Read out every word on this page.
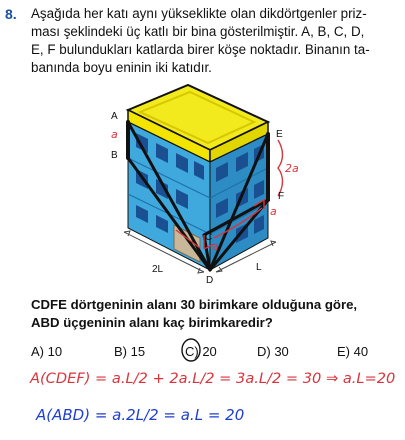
8. Aşağıda her katı aynı yükseklikte olan dikdörtgenler priz-
ması şeklindeki üç katlı bir bina gösterilmiştir. A, B, C, D,
E, F bulundukları katlarda birer köşe noktadır. Binanın ta-
banında boyu eninin iki katıdır.
A
B
C
D
E
F
2L	L
a
2a
a
a
CDFE dörtgeninin alanı 30 birimkare olduğuna göre,
ABD üçgeninin alanı kaç birimkaredir?
A) 10	B) 15	C) 20	D) 30	E) 40
A(CDEF) = a.L/2 + 2a.L/2 = 3a.L/2 = 30 ⇒ a.L=20
A(ABD) = a.2L/2 = a.L = 20
